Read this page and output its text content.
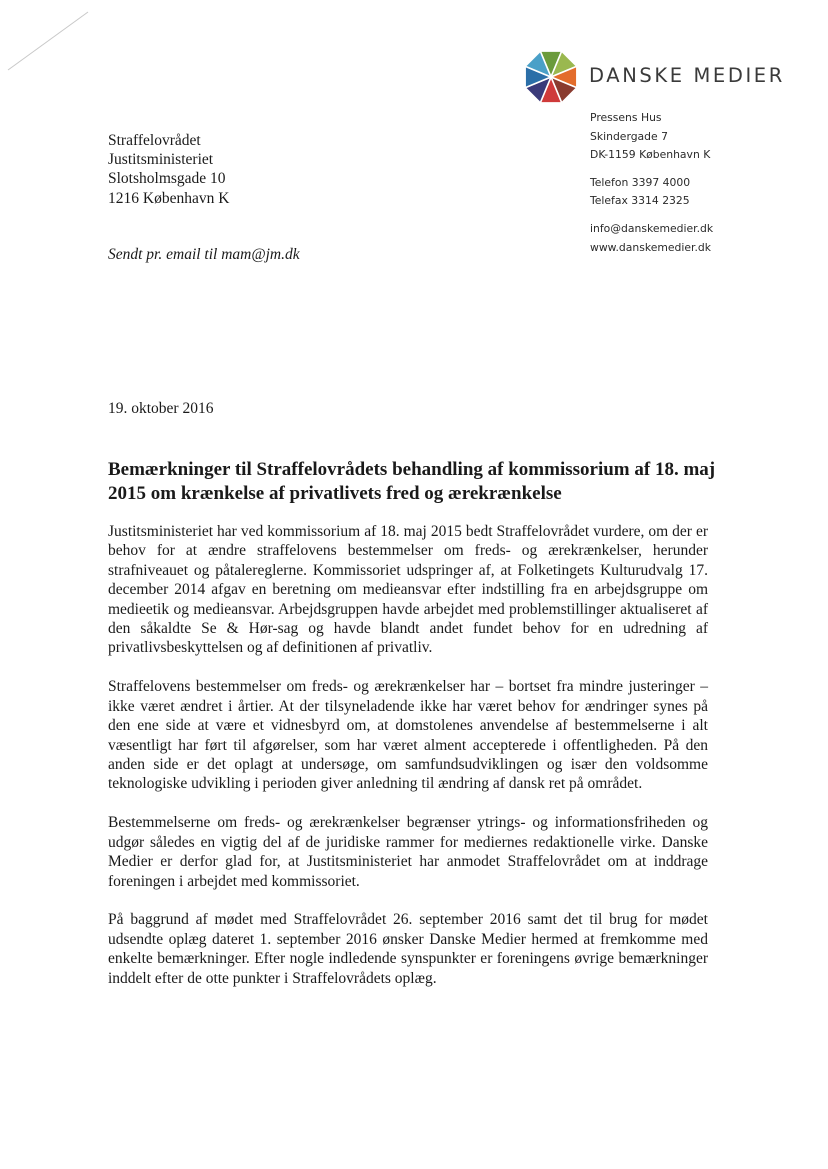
DANSKE MEDIER
Pressens Hus
Skindergade 7
DK-1159 København K
Telefon 3397 4000
Telefax 3314 2325
info@danskemedier.dk
www.danskemedier.dk
Straffelovrådet
Justitsministeriet
Slotsholmsgade 10
1216 København K
Sendt pr. email til mam@jm.dk
19. oktober 2016
Bemærkninger til Straffelovrådets behandling af kommissorium af 18. maj 2015 om krænkelse af privatlivets fred og ærekrænkelse

Justitsministeriet har ved kommissorium af 18. maj 2015 bedt Straffelovrådet vurdere, om der er behov for at ændre straffelovens bestemmelser om freds- og ærekrænkelser, herunder strafniveauet og påtalereglerne. Kommissoriet udspringer af, at Folketingets Kulturudvalg 17. december 2014 afgav en beretning om medieansvar efter indstilling fra en arbejdsgruppe om medieetik og medieansvar. Arbejdsgruppen havde arbejdet med problemstillinger aktualiseret af den såkaldte Se & Hør-sag og havde blandt andet fundet behov for en udredning af privatlivsbeskyttelsen og af definitionen af privatliv.

Straffelovens bestemmelser om freds- og ærekrænkelser har – bortset fra mindre justeringer – ikke været ændret i årtier. At der tilsyneladende ikke har været behov for ændringer synes på den ene side at være et vidnesbyrd om, at domstolenes anvendelse af bestemmelserne i alt væsentligt har ført til afgørelser, som har været alment accepterede i offentligheden. På den anden side er det oplagt at undersøge, om samfundsudviklingen og især den voldsomme teknologiske udvikling i perioden giver anledning til ændring af dansk ret på området.

Bestemmelserne om freds- og ærekrænkelser begrænser ytrings- og informationsfriheden og udgør således en vigtig del af de juridiske rammer for mediernes redaktionelle virke. Danske Medier er derfor glad for, at Justitsministeriet har anmodet Straffelovrådet om at inddrage foreningen i arbejdet med kommissoriet.

På baggrund af mødet med Straffelovrådet 26. september 2016 samt det til brug for mødet udsendte oplæg dateret 1. september 2016 ønsker Danske Medier hermed at fremkomme med enkelte bemærkninger. Efter nogle indledende synspunkter er foreningens øvrige bemærkninger inddelt efter de otte punkter i Straffelovrådets oplæg.
